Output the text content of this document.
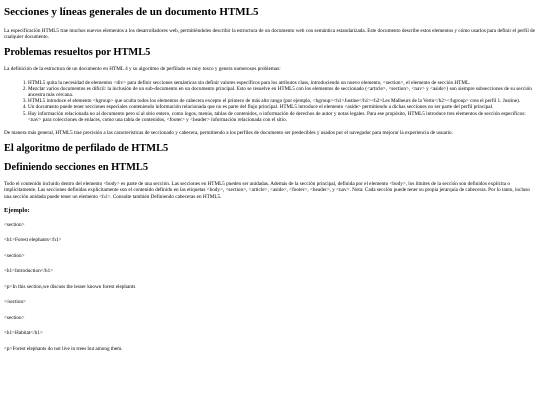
Secciones y líneas generales de un documento HTML5

La especificación HTML5 trae muchos nuevos elementos a los desarrolladores web, permitiéndoles describir la estructura de un documento web con semántica estandarizada. Este documento describe estos elementos y cómo usarlos para definir el perfil de cualquier documento.

Problemas resueltos por HTML5

La definición de la estructura de un documento en HTML 4 y su algoritmo de perfilado es muy tosco y genera numerosos problemas:

1. HTML5 quita la necesidad de elementos <div> para definir secciones semánticas sin definir valores específicos para los atributos class, introduciendo un nuevo elemento, <section>, el elemento de sección HTML.
2. Mezclar varios documentos es difícil: la inclusión de un sub-documento en un documento principal. Esto se resuelve en HTML5 con los elementos de seccionado (<article>, <section>, <nav> y <aside>) son siempre subsecciones de su sección ancestra más cercana.
3. HTML5 introduce el elemento <hgroup> que oculta todos los elementos de cabecera excepto el primero de más alto rango (por ejemplo, <hgroup><h1>Justine</h1><h2>Les Malheurs de la Vertu</h2></hgroup> crea el perfil 1. Justine).
4. Un documento puede tener secciones especiales conteniendo información relacionada que no es parte del flujo principal. HTML5 introduce el elemento <aside> permitiendo a dichas secciones no ser parte del perfil principal.
5. Hay información relacionada no al documento pero sí al sitio entero, como logos, menús, tablas de contenidos, o información de derechos de autor y notas legales. Para ese propósito, HTML5 introduce tres elementos de sección específicos: <nav> para colecciones de enlaces, como una tabla de contenidos, <footer> y <header> información relacionada con el sitio.

De manera más general, HTML5 trae precisión a las características de seccionado y cabecera, permitiendo a los perfiles de documento ser predecibles y usados por el navegador para mejorar la experiencia de usuario.

El algoritmo de perfilado de HTML5
Definiendo secciones en HTML5

Todo el contenido incluido dentro del elemento <body> es parte de una sección. Las secciones en HTML5 pueden ser anidadas. Además de la sección principal, definida por el elemento <body>, los límites de la sección son definidos explícita o implícitamente. Las secciones definidas explícitamente son el contenido definido en las etiquetas <body>, <section>, <article>, <aside>, <footer>, <header>, y <nav>. Nota: Cada sección puede tener su propia jerarquía de cabeceras. Por lo tanto, incluso una sección anidada puede tener un elemento <h1>. Consulte también Definiendo cabeceras en HTML5.

Ejemplo:

<section>

<h1>Forest elephants</h1>

<section>

<h1>Introduction</h1>

<p>In this section,we discuss the lesser known forest elephants

</section>

<section>

<h1>Habitat</h1>

<p>Forest elephants do not live in trees but among them.
